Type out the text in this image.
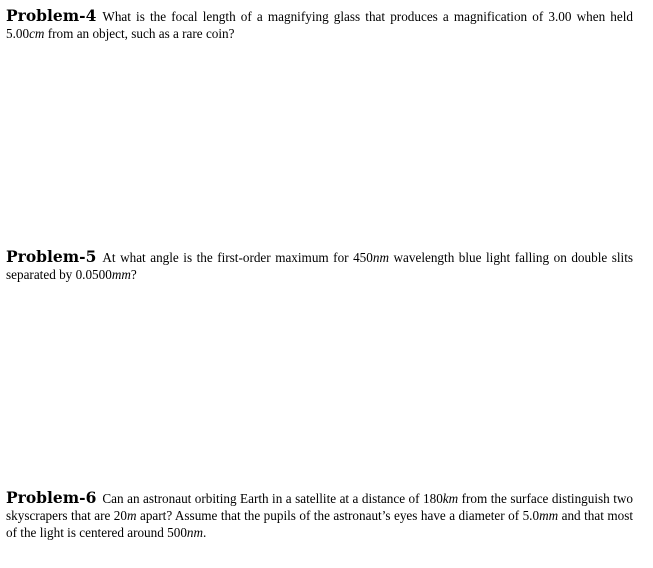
Problem-4 What is the focal length of a magnifying glass that produces a magnification of 3.00 when held 5.00cm from an object, such as a rare coin?
Problem-5 At what angle is the first-order maximum for 450nm wavelength blue light falling on double slits separated by 0.0500mm?
Problem-6 Can an astronaut orbiting Earth in a satellite at a distance of 180km from the surface distinguish two skyscrapers that are 20m apart? Assume that the pupils of the astronaut’s eyes have a diameter of 5.0mm and that most of the light is centered around 500nm.
